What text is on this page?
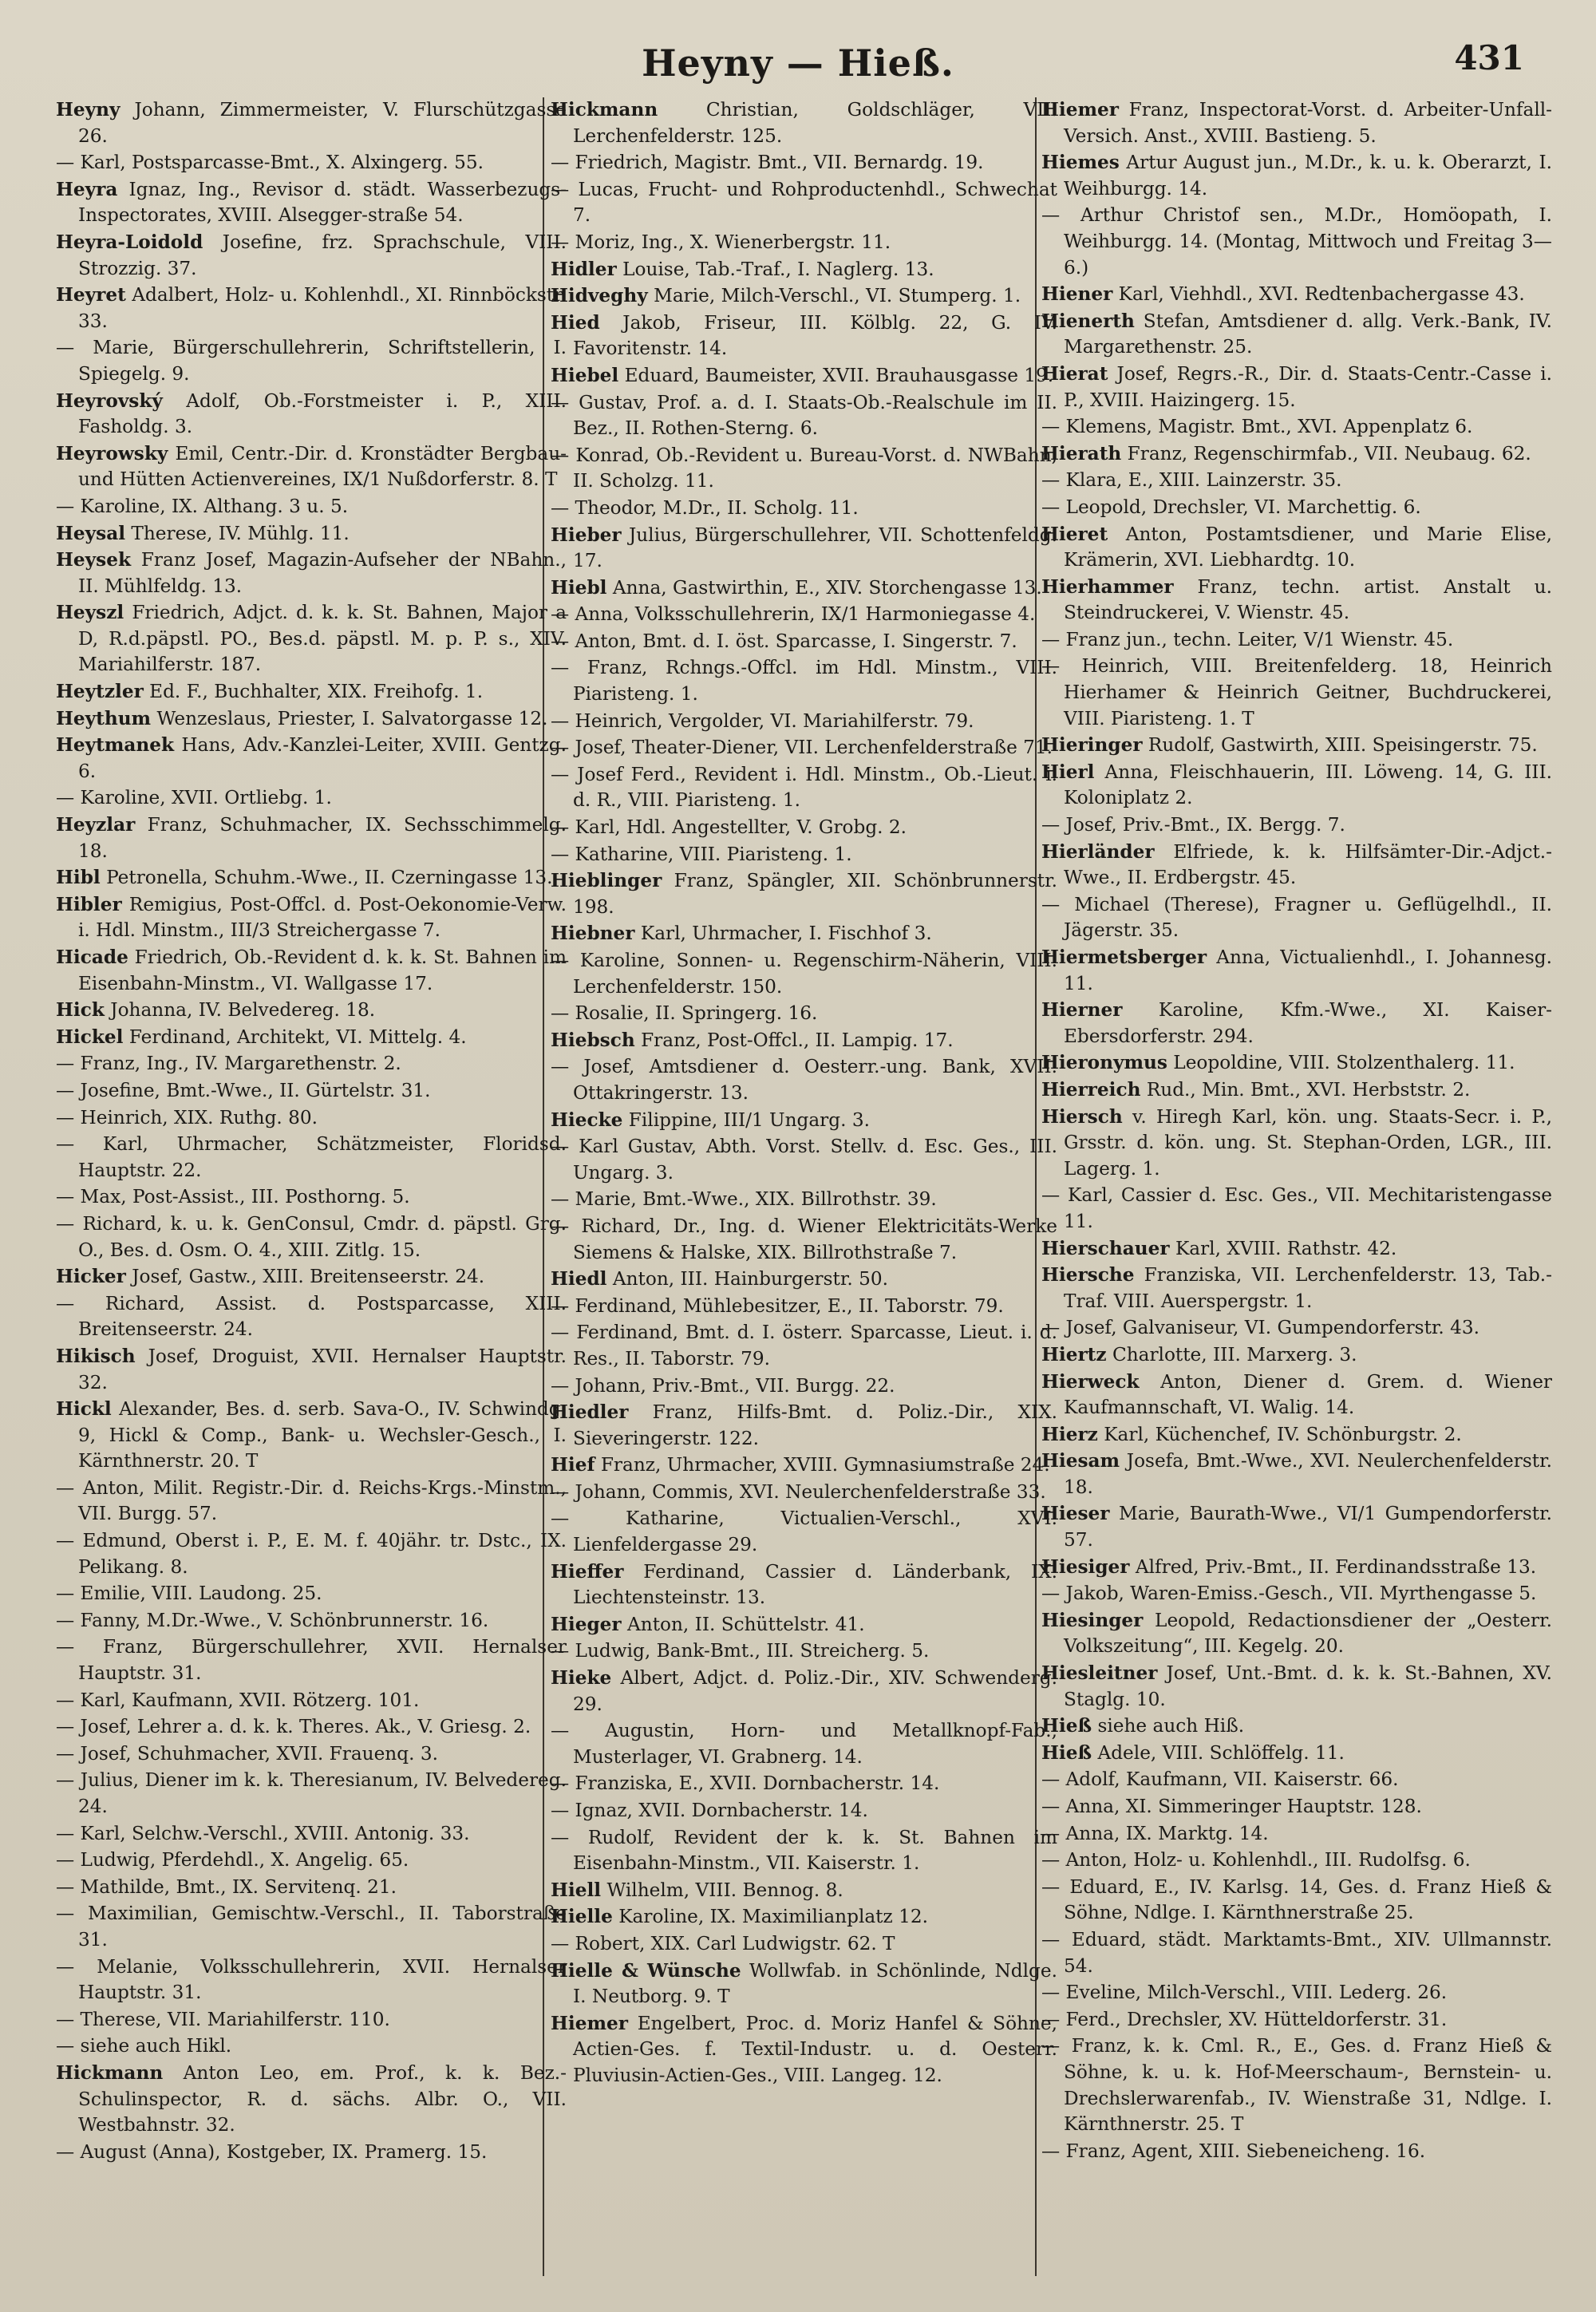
Heyny — Hieß.	431

Heyny Johann, Zimmermeister, V. Flurschützgasse 26.

— Karl, Postsparcasse-Bmt., X. Alxingerg. 55.

Heyra Ignaz, Ing., Revisor d. städt. Wasserbezugs-Inspectorates, XVIII. Alsegger-straße 54.

Heyra-Loidold Josefine, frz. Sprachschule, VIII. Strozzig. 37.

Heyret Adalbert, Holz- u. Kohlenhdl., XI. Rinnböckstr. 33.

— Marie, Bürgerschullehrerin, Schriftstellerin, I. Spiegelg. 9.

Heyrovský Adolf, Ob.-Forstmeister i. P., XIII. Fasholdg. 3.

Heyrowsky Emil, Centr.-Dir. d. Kronstädter Bergbau- und Hütten Actienvereines, IX/1 Nußdorferstr. 8. T

— Karoline, IX. Althang. 3 u. 5.

Heysal Therese, IV. Mühlg. 11.

Heysek Franz Josef, Magazin-Aufseher der NBahn., II. Mühlfeldg. 13.

Heyszl Friedrich, Adjct. d. k. k. St. Bahnen, Major a D, R.d.päpstl. PO., Bes.d. päpstl. M. p. P. s., XIV. Mariahilferstr. 187.

Heytzler Ed. F., Buchhalter, XIX. Freihofg. 1.

Heythum Wenzeslaus, Priester, I. Salvatorgasse 12.

Heytmanek Hans, Adv.-Kanzlei-Leiter, XVIII. Gentzg. 6.

— Karoline, XVII. Ortliebg. 1.

Heyzlar Franz, Schuhmacher, IX. Sechsschimmelg. 18.

Hibl Petronella, Schuhm.-Wwe., II. Czerningasse 13.

Hibler Remigius, Post-Offcl. d. Post-Oekonomie-Verw. i. Hdl. Minstm., III/3 Streichergasse 7.

Hicade Friedrich, Ob.-Revident d. k. k. St. Bahnen im Eisenbahn-Minstm., VI. Wallgasse 17.

Hick Johanna, IV. Belvedereg. 18.

Hickel Ferdinand, Architekt, VI. Mittelg. 4.

— Franz, Ing., IV. Margarethenstr. 2.

— Josefine, Bmt.-Wwe., II. Gürtelstr. 31.

— Heinrich, XIX. Ruthg. 80.

— Karl, Uhrmacher, Schätzmeister, Floridsd. Hauptstr. 22.

— Max, Post-Assist., III. Posthorng. 5.

— Richard, k. u. k. GenConsul, Cmdr. d. päpstl. Grg. O., Bes. d. Osm. O. 4., XIII. Zitlg. 15.

Hicker Josef, Gastw., XIII. Breitenseerstr. 24.

— Richard, Assist. d. Postsparcasse, XIII. Breitenseerstr. 24.

Hikisch Josef, Droguist, XVII. Hernalser Hauptstr. 32.

Hickl Alexander, Bes. d. serb. Sava-O., IV. Schwindg. 9, Hickl & Comp., Bank- u. Wechsler-Gesch., I. Kärnthnerstr. 20. T

— Anton, Milit. Registr.-Dir. d. Reichs-Krgs.-Minstm., VII. Burgg. 57.

— Edmund, Oberst i. P., E. M. f. 40jähr. tr. Dstc., IX. Pelikang. 8.

— Emilie, VIII. Laudong. 25.

— Fanny, M.Dr.-Wwe., V. Schönbrunnerstr. 16.

— Franz, Bürgerschullehrer, XVII. Hernalser Hauptstr. 31.

— Karl, Kaufmann, XVII. Rötzerg. 101.

— Josef, Lehrer a. d. k. k. Theres. Ak., V. Griesg. 2.

— Josef, Schuhmacher, XVII. Frauenq. 3.

— Julius, Diener im k. k. Theresianum, IV. Belvedereg. 24.

— Karl, Selchw.-Verschl., XVIII. Antonig. 33.

— Ludwig, Pferdehdl., X. Angelig. 65.

— Mathilde, Bmt., IX. Servitenq. 21.

— Maximilian, Gemischtw.-Verschl., II. Taborstraße 31.

— Melanie, Volksschullehrerin, XVII. Hernalser Hauptstr. 31.

— Therese, VII. Mariahilferstr. 110.

— siehe auch Hikl.

Hickmann Anton Leo, em. Prof., k. k. Bez.-Schulinspector, R. d. sächs. Albr. O., VII. Westbahnstr. 32.

— August (Anna), Kostgeber, IX. Pramerg. 15.

Hickmann Christian, Goldschläger, VII. Lerchenfelderstr. 125.

— Friedrich, Magistr. Bmt., VII. Bernardg. 19.

— Lucas, Frucht- und Rohproductenhdl., Schwechat 7.

— Moriz, Ing., X. Wienerbergstr. 11.

Hidler Louise, Tab.-Traf., I. Naglerg. 13.

Hidveghy Marie, Milch-Verschl., VI. Stumperg. 1.

Hied Jakob, Friseur, III. Kölblg. 22, G. IV. Favoritenstr. 14.

Hiebel Eduard, Baumeister, XVII. Brauhausgasse 19.

— Gustav, Prof. a. d. I. Staats-Ob.-Realschule im II. Bez., II. Rothen-Sterng. 6.

— Konrad, Ob.-Revident u. Bureau-Vorst. d. NWBahn, II. Scholzg. 11.

— Theodor, M.Dr., II. Scholg. 11.

Hieber Julius, Bürgerschullehrer, VII. Schottenfeldg. 17.

Hiebl Anna, Gastwirthin, E., XIV. Storchengasse 13.

— Anna, Volksschullehrerin, IX/1 Harmoniegasse 4.

— Anton, Bmt. d. I. öst. Sparcasse, I. Singerstr. 7.

— Franz, Rchngs.-Offcl. im Hdl. Minstm., VIII. Piaristeng. 1.

— Heinrich, Vergolder, VI. Mariahilferstr. 79.

— Josef, Theater-Diener, VII. Lerchenfelderstraße 71.

— Josef Ferd., Revident i. Hdl. Minstm., Ob.-Lieut. i. d. R., VIII. Piaristeng. 1.

— Karl, Hdl. Angestellter, V. Grobg. 2.

— Katharine, VIII. Piaristeng. 1.

Hieblinger Franz, Spängler, XII. Schönbrunnerstr. 198.

Hiebner Karl, Uhrmacher, I. Fischhof 3.

— Karoline, Sonnen- u. Regenschirm-Näherin, VIII. Lerchenfelderstr. 150.

— Rosalie, II. Springerg. 16.

Hiebsch Franz, Post-Offcl., II. Lampig. 17.

— Josef, Amtsdiener d. Oesterr.-ung. Bank, XVII. Ottakringerstr. 13.

Hiecke Filippine, III/1 Ungarg. 3.

— Karl Gustav, Abth. Vorst. Stellv. d. Esc. Ges., III. Ungarg. 3.

— Marie, Bmt.-Wwe., XIX. Billrothstr. 39.

— Richard, Dr., Ing. d. Wiener Elektricitäts-Werke Siemens & Halske, XIX. Billrothstraße 7.

Hiedl Anton, III. Hainburgerstr. 50.

— Ferdinand, Mühlebesitzer, E., II. Taborstr. 79.

— Ferdinand, Bmt. d. I. österr. Sparcasse, Lieut. i. d. Res., II. Taborstr. 79.

— Johann, Priv.-Bmt., VII. Burgg. 22.

Hiedler Franz, Hilfs-Bmt. d. Poliz.-Dir., XIX. Sieveringerstr. 122.

Hief Franz, Uhrmacher, XVIII. Gymnasiumstraße 24.

— Johann, Commis, XVI. Neulerchenfelderstraße 33.

— Katharine, Victualien-Verschl., XVI. Lienfeldergasse 29.

Hieffer Ferdinand, Cassier d. Länderbank, IX. Liechtensteinstr. 13.

Hieger Anton, II. Schüttelstr. 41.

— Ludwig, Bank-Bmt., III. Streicherg. 5.

Hieke Albert, Adjct. d. Poliz.-Dir., XIV. Schwenderg. 29.

— Augustin, Horn- und Metallknopf-Fab., Musterlager, VI. Grabnerg. 14.

— Franziska, E., XVII. Dornbacherstr. 14.

— Ignaz, XVII. Dornbacherstr. 14.

— Rudolf, Revident der k. k. St. Bahnen im Eisenbahn-Minstm., VII. Kaiserstr. 1.

Hiell Wilhelm, VIII. Bennog. 8.

Hielle Karoline, IX. Maximilianplatz 12.

— Robert, XIX. Carl Ludwigstr. 62. T

Hielle & Wünsche Wollwfab. in Schönlinde, Ndlge. I. Neutborg. 9. T

Hiemer Engelbert, Proc. d. Moriz Hanfel & Söhne, Actien-Ges. f. Textil-Industr. u. d. Oesterr. Pluviusin-Actien-Ges., VIII. Langeg. 12.

Hiemer Franz, Inspectorat-Vorst. d. Arbeiter-Unfall-Versich. Anst., XVIII. Bastieng. 5.

Hiemes Artur August jun., M.Dr., k. u. k. Oberarzt, I. Weihburgg. 14.

— Arthur Christof sen., M.Dr., Homöopath, I. Weihburgg. 14. (Montag, Mittwoch und Freitag 3—6.)

Hiener Karl, Viehhdl., XVI. Redtenbachergasse 43.

Hienerth Stefan, Amtsdiener d. allg. Verk.-Bank, IV. Margarethenstr. 25.

Hierat Josef, Regrs.-R., Dir. d. Staats-Centr.-Casse i. P., XVIII. Haizingerg. 15.

— Klemens, Magistr. Bmt., XVI. Appenplatz 6.

Hierath Franz, Regenschirmfab., VII. Neubaug. 62.

— Klara, E., XIII. Lainzerstr. 35.

— Leopold, Drechsler, VI. Marchettig. 6.

Hieret Anton, Postamtsdiener, und Marie Elise, Krämerin, XVI. Liebhardtg. 10.

Hierhammer Franz, techn. artist. Anstalt u. Steindruckerei, V. Wienstr. 45.

— Franz jun., techn. Leiter, V/1 Wienstr. 45.

— Heinrich, VIII. Breitenfelderg. 18, Heinrich Hierhamer & Heinrich Geitner, Buchdruckerei, VIII. Piaristeng. 1. T

Hieringer Rudolf, Gastwirth, XIII. Speisingerstr. 75.

Hierl Anna, Fleischhauerin, III. Löweng. 14, G. III. Koloniplatz 2.

— Josef, Priv.-Bmt., IX. Bergg. 7.

Hierländer Elfriede, k. k. Hilfsämter-Dir.-Adjct.-Wwe., II. Erdbergstr. 45.

— Michael (Therese), Fragner u. Geflügelhdl., II. Jägerstr. 35.

Hiermetsberger Anna, Victualienhdl., I. Johannesg. 11.

Hierner Karoline, Kfm.-Wwe., XI. Kaiser-Ebersdorferstr. 294.

Hieronymus Leopoldine, VIII. Stolzenthalerg. 11.

Hierreich Rud., Min. Bmt., XVI. Herbststr. 2.

Hiersch v. Hiregh Karl, kön. ung. Staats-Secr. i. P., Grsstr. d. kön. ung. St. Stephan-Orden, LGR., III. Lagerg. 1.

— Karl, Cassier d. Esc. Ges., VII. Mechitaristengasse 11.

Hierschauer Karl, XVIII. Rathstr. 42.

Hiersche Franziska, VII. Lerchenfelderstr. 13, Tab.-Traf. VIII. Auerspergstr. 1.

— Josef, Galvaniseur, VI. Gumpendorferstr. 43.

Hiertz Charlotte, III. Marxerg. 3.

Hierweck Anton, Diener d. Grem. d. Wiener Kaufmannschaft, VI. Walig. 14.

Hierz Karl, Küchenchef, IV. Schönburgstr. 2.

Hiesam Josefa, Bmt.-Wwe., XVI. Neulerchenfelderstr. 18.

Hieser Marie, Baurath-Wwe., VI/1 Gumpendorferstr. 57.

Hiesiger Alfred, Priv.-Bmt., II. Ferdinandsstraße 13.

— Jakob, Waren-Emiss.-Gesch., VII. Myrthengasse 5.

Hiesinger Leopold, Redactionsdiener der „Oesterr. Volkszeitung“, III. Kegelg. 20.

Hiesleitner Josef, Unt.-Bmt. d. k. k. St.-Bahnen, XV. Staglg. 10.

Hieß siehe auch Hiß.

Hieß Adele, VIII. Schlöffelg. 11.

— Adolf, Kaufmann, VII. Kaiserstr. 66.

— Anna, XI. Simmeringer Hauptstr. 128.

— Anna, IX. Marktg. 14.

— Anton, Holz- u. Kohlenhdl., III. Rudolfsg. 6.

— Eduard, E., IV. Karlsg. 14, Ges. d. Franz Hieß & Söhne, Ndlge. I. Kärnthnerstraße 25.

— Eduard, städt. Marktamts-Bmt., XIV. Ullmannstr. 54.

— Eveline, Milch-Verschl., VIII. Lederg. 26.

— Ferd., Drechsler, XV. Hütteldorferstr. 31.

— Franz, k. k. Cml. R., E., Ges. d. Franz Hieß & Söhne, k. u. k. Hof-Meerschaum-, Bernstein- u. Drechslerwarenfab., IV. Wienstraße 31, Ndlge. I. Kärnthnerstr. 25. T

— Franz, Agent, XIII. Siebeneicheng. 16.
